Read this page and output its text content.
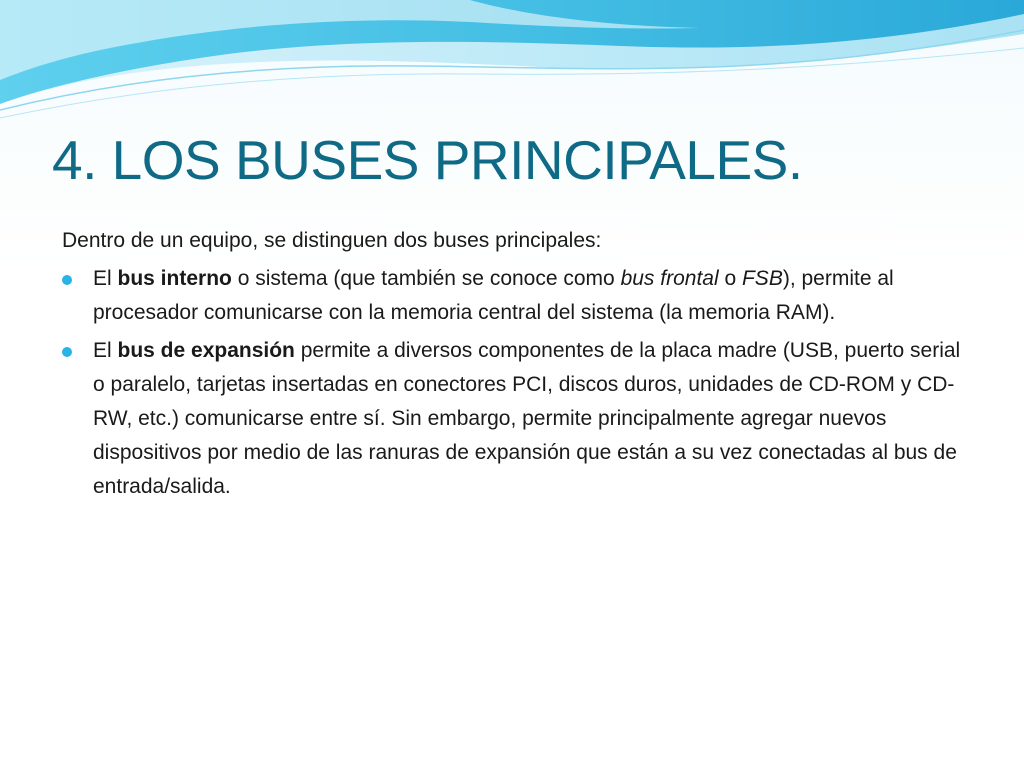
4. LOS BUSES PRINCIPALES.

Dentro de un equipo, se distinguen dos buses principales:

El bus interno o sistema (que también se conoce como bus frontal o FSB), permite al procesador comunicarse con la memoria central del sistema (la memoria RAM).
El bus de expansión permite a diversos componentes de la placa madre (USB, puerto serial o paralelo, tarjetas insertadas en conectores PCI, discos duros, unidades de CD-ROM y CD-RW, etc.) comunicarse entre sí. Sin embargo, permite principalmente agregar nuevos dispositivos por medio de las ranuras de expansión que están a su vez conectadas al bus de entrada/salida.
